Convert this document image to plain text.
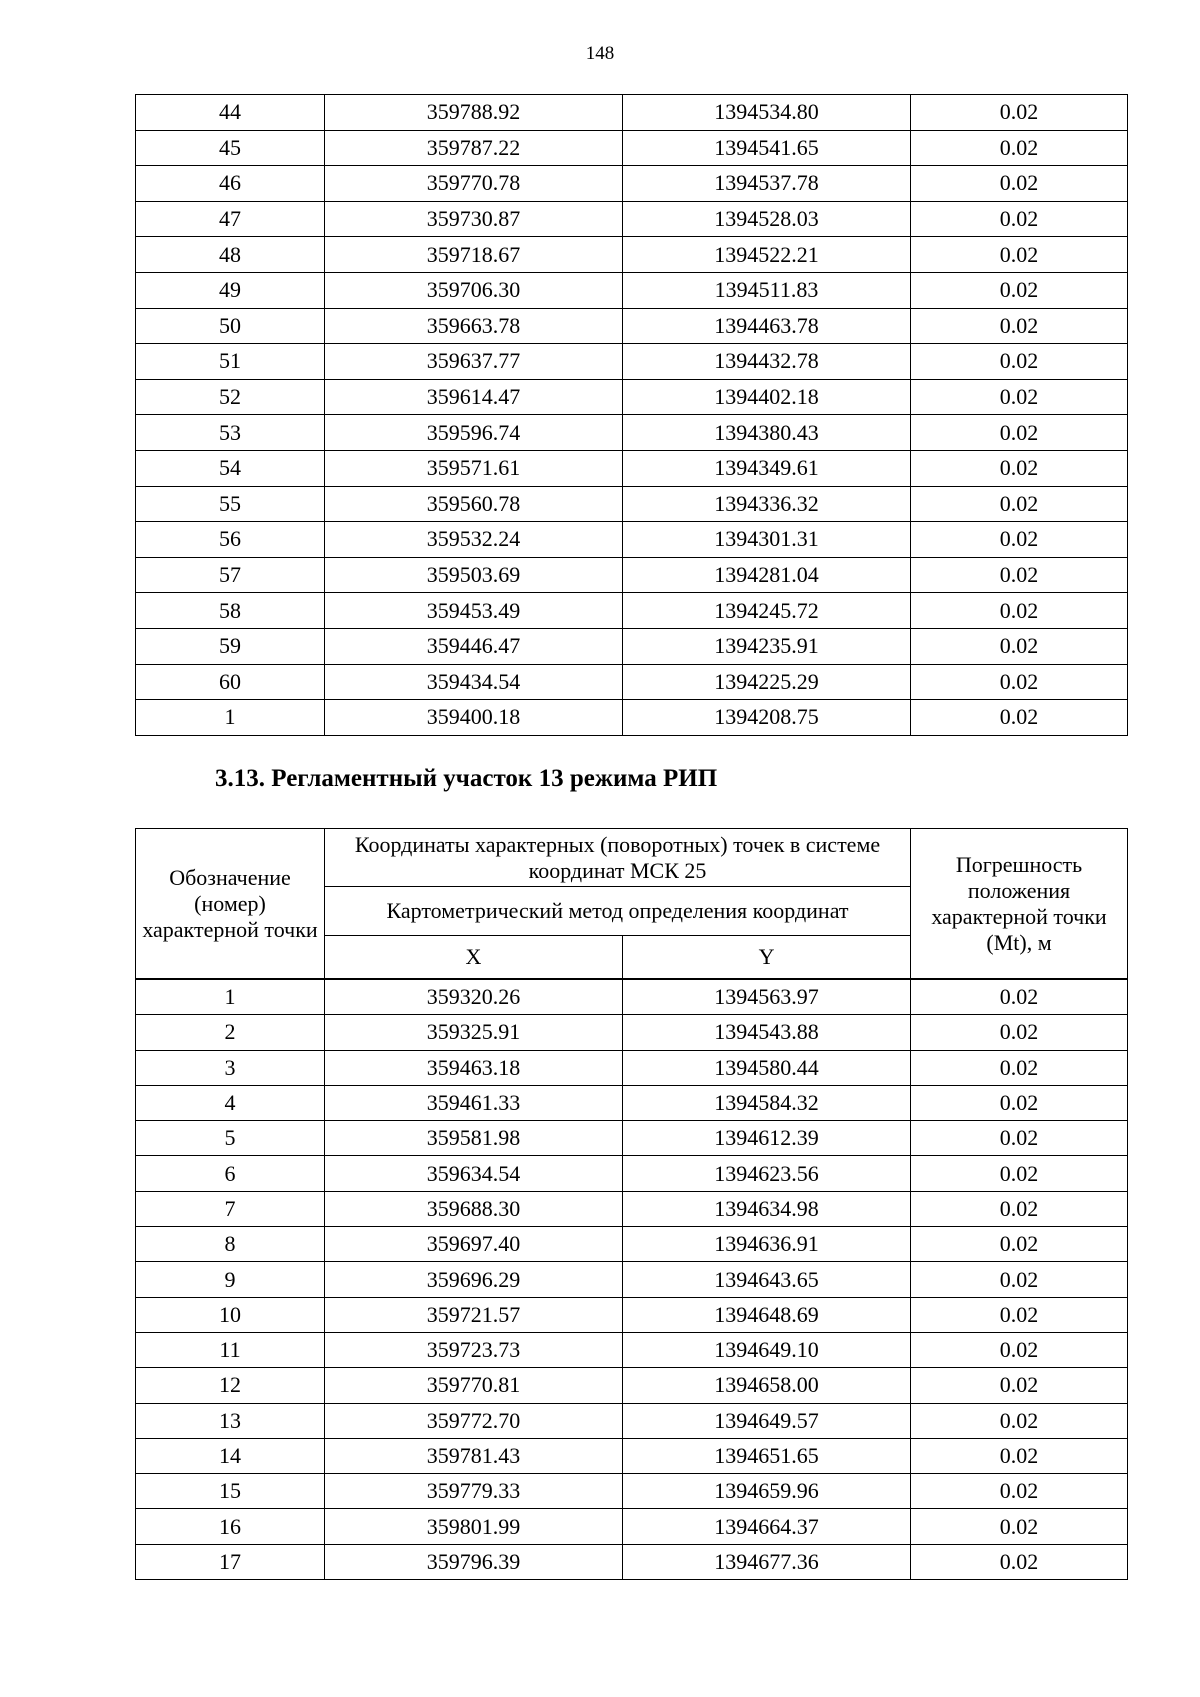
148
44	359788.92	1394534.80	0.02
45	359787.22	1394541.65	0.02
46	359770.78	1394537.78	0.02
47	359730.87	1394528.03	0.02
48	359718.67	1394522.21	0.02
49	359706.30	1394511.83	0.02
50	359663.78	1394463.78	0.02
51	359637.77	1394432.78	0.02
52	359614.47	1394402.18	0.02
53	359596.74	1394380.43	0.02
54	359571.61	1394349.61	0.02
55	359560.78	1394336.32	0.02
56	359532.24	1394301.31	0.02
57	359503.69	1394281.04	0.02
58	359453.49	1394245.72	0.02
59	359446.47	1394235.91	0.02
60	359434.54	1394225.29	0.02
1	359400.18	1394208.75	0.02
3.13. Регламентный участок 13 режима РИП
Обозначение (номер) характерной точки	Координаты характерных (поворотных) точек в системе координат МСК 25		Погрешность положения характерной точки (Mt), м
	Картометрический метод определения координат		
	X	Y	
1	359320.26	1394563.97	0.02
2	359325.91	1394543.88	0.02
3	359463.18	1394580.44	0.02
4	359461.33	1394584.32	0.02
5	359581.98	1394612.39	0.02
6	359634.54	1394623.56	0.02
7	359688.30	1394634.98	0.02
8	359697.40	1394636.91	0.02
9	359696.29	1394643.65	0.02
10	359721.57	1394648.69	0.02
11	359723.73	1394649.10	0.02
12	359770.81	1394658.00	0.02
13	359772.70	1394649.57	0.02
14	359781.43	1394651.65	0.02
15	359779.33	1394659.96	0.02
16	359801.99	1394664.37	0.02
17	359796.39	1394677.36	0.02
